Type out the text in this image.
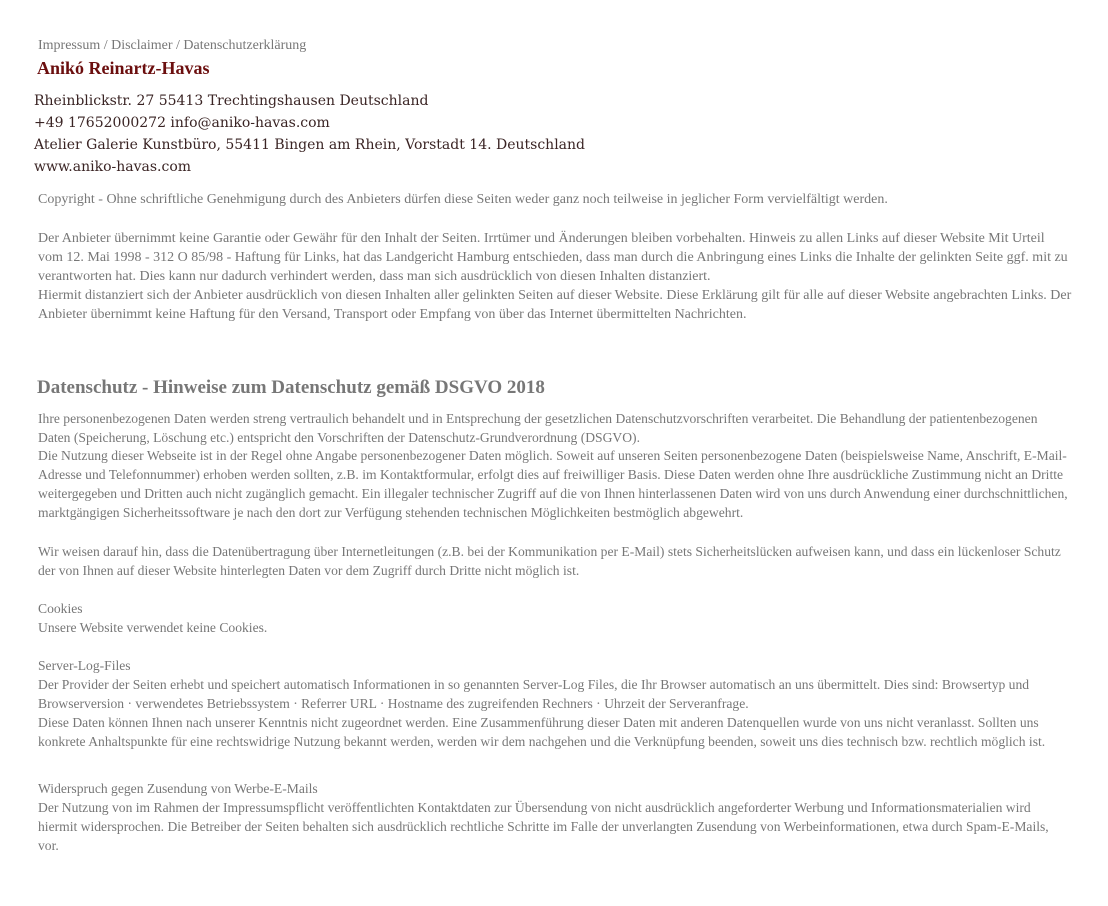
Impressum / Disclaimer / Datenschutzerklärung
Anikó Reinartz-Havas
Rheinblickstr. 27 55413 Trechtingshausen Deutschland
+49 17652000272 info@aniko-havas.com
Atelier Galerie Kunstbüro, 55411 Bingen am Rhein, Vorstadt 14. Deutschland
www.aniko-havas.com
Copyright - Ohne schriftliche Genehmigung durch des Anbieters dürfen diese Seiten weder ganz noch teilweise in jeglicher Form vervielfältigt werden.

Der Anbieter übernimmt keine Garantie oder Gewähr für den Inhalt der Seiten. Irrtümer und Änderungen bleiben vorbehalten. Hinweis zu allen Links auf dieser Website Mit Urteil vom 12. Mai 1998 - 312 O 85/98 - Haftung für Links, hat das Landgericht Hamburg entschieden, dass man durch die Anbringung eines Links die Inhalte der gelinkten Seite ggf. mit zu verantworten hat. Dies kann nur dadurch verhindert werden, dass man sich ausdrücklich von diesen Inhalten distanziert.

Hiermit distanziert sich der Anbieter ausdrücklich von diesen Inhalten aller gelinkten Seiten auf dieser Website. Diese Erklärung gilt für alle auf dieser Website angebrachten Links. Der Anbieter übernimmt keine Haftung für den Versand, Transport oder Empfang von über das Internet übermittelten Nachrichten.

Datenschutz - Hinweise zum Datenschutz gemäß DSGVO 2018
Ihre personenbezogenen Daten werden streng vertraulich behandelt und in Entsprechung der gesetzlichen Datenschutzvorschriften verarbeitet. Die Behandlung der patientenbezogenen Daten (Speicherung, Löschung etc.) entspricht den Vorschriften der Datenschutz-Grundverordnung (DSGVO).
Die Nutzung dieser Webseite ist in der Regel ohne Angabe personenbezogener Daten möglich. Soweit auf unseren Seiten personenbezogene Daten (beispielsweise Name, Anschrift, E-Mail-Adresse und Telefonnummer) erhoben werden sollten, z.B. im Kontaktformular, erfolgt dies auf freiwilliger Basis. Diese Daten werden ohne Ihre ausdrückliche Zustimmung nicht an Dritte weitergegeben und Dritten auch nicht zugänglich gemacht. Ein illegaler technischer Zugriff auf die von Ihnen hinterlassenen Daten wird von uns durch Anwendung einer durchschnittlichen, marktgängigen Sicherheitssoftware je nach den dort zur Verfügung stehenden technischen Möglichkeiten bestmöglich abgewehrt.
Wir weisen darauf hin, dass die Datenübertragung über Internetleitungen (z.B. bei der Kommunikation per E-Mail) stets Sicherheitslücken aufweisen kann, und dass ein lückenloser Schutz der von Ihnen auf dieser Website hinterlegten Daten vor dem Zugriff durch Dritte nicht möglich ist.

Cookies

Unsere Website verwendet keine Cookies.

Server-Log-Files

Der Provider der Seiten erhebt und speichert automatisch Informationen in so genannten Server-Log Files, die Ihr Browser automatisch an uns übermittelt. Dies sind: Browsertyp und Browserversion · verwendetes Betriebssystem · Referrer URL · Hostname des zugreifenden Rechners · Uhrzeit der Serveranfrage.

Diese Daten können Ihnen nach unserer Kenntnis nicht zugeordnet werden. Eine Zusammenführung dieser Daten mit anderen Datenquellen wurde von uns nicht veranlasst. Sollten uns konkrete Anhaltspunkte für eine rechtswidrige Nutzung bekannt werden, werden wir dem nachgehen und die Verknüpfung beenden, soweit uns dies technisch bzw. rechtlich möglich ist.

Widerspruch gegen Zusendung von Werbe-E-Mails

Der Nutzung von im Rahmen der Impressumspflicht veröffentlichten Kontaktdaten zur Übersendung von nicht ausdrücklich angeforderter Werbung und Informationsmaterialien wird hiermit widersprochen. Die Betreiber der Seiten behalten sich ausdrücklich rechtliche Schritte im Falle der unverlangten Zusendung von Werbeinformationen, etwa durch Spam-E-Mails, vor.
